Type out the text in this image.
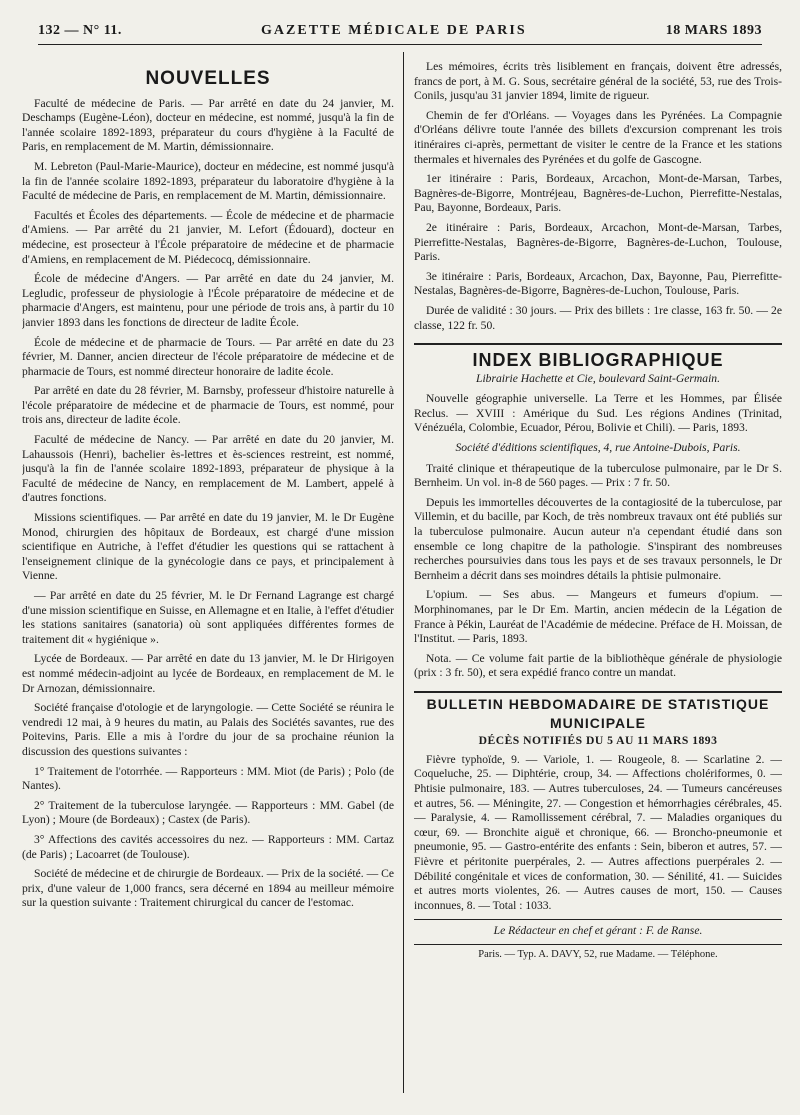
132 — N° 11.	GAZETTE MÉDICALE DE PARIS	18 MARS 1893
NOUVELLES

Faculté de médecine de Paris. — Par arrêté en date du 24 janvier, M. Deschamps (Eugène-Léon), docteur en médecine, est nommé, jusqu'à la fin de l'année scolaire 1892-1893, préparateur du cours d'hygiène à la Faculté de Paris, en remplacement de M. Martin, démissionnaire.

M. Lebreton (Paul-Marie-Maurice), docteur en médecine, est nommé jusqu'à la fin de l'année scolaire 1892-1893, préparateur du laboratoire d'hygiène à la Faculté de médecine de Paris, en remplacement de M. Martin, démissionnaire.

Facultés et Écoles des départements. — École de médecine et de pharmacie d'Amiens. — Par arrêté du 21 janvier, M. Lefort (Édouard), docteur en médecine, est prosecteur à l'École préparatoire de médecine et de pharmacie d'Amiens, en remplacement de M. Piédecocq, démissionnaire.

École de médecine d'Angers. — Par arrêté en date du 24 janvier, M. Legludic, professeur de physiologie à l'École préparatoire de médecine et de pharmacie d'Angers, est maintenu, pour une période de trois ans, à partir du 10 janvier 1893 dans les fonctions de directeur de ladite École.

École de médecine et de pharmacie de Tours. — Par arrêté en date du 23 février, M. Danner, ancien directeur de l'école préparatoire de médecine et de pharmacie de Tours, est nommé directeur honoraire de ladite école.

Par arrêté en date du 28 février, M. Barnsby, professeur d'histoire naturelle à l'école préparatoire de médecine et de pharmacie de Tours, est nommé, pour trois ans, directeur de ladite école.

Faculté de médecine de Nancy. — Par arrêté en date du 20 janvier, M. Lahaussois (Henri), bachelier ès-lettres et ès-sciences restreint, est nommé, jusqu'à la fin de l'année scolaire 1892-1893, préparateur de physique à la Faculté de médecine de Nancy, en remplacement de M. Lambert, appelé à d'autres fonctions.

Missions scientifiques. — Par arrêté en date du 19 janvier, M. le Dr Eugène Monod, chirurgien des hôpitaux de Bordeaux, est chargé d'une mission scientifique en Autriche, à l'effet d'étudier les questions qui se rattachent à l'enseignement clinique de la gynécologie dans ce pays, et principalement à Vienne.

— Par arrêté en date du 25 février, M. le Dr Fernand Lagrange est chargé d'une mission scientifique en Suisse, en Allemagne et en Italie, à l'effet d'étudier les stations sanitaires (sanatoria) où sont appliquées différentes formes de traitement dit « hygiénique ».

Lycée de Bordeaux. — Par arrêté en date du 13 janvier, M. le Dr Hirigoyen est nommé médecin-adjoint au lycée de Bordeaux, en remplacement de M. le Dr Arnozan, démissionnaire.

Société française d'otologie et de laryngologie. — Cette Société se réunira le vendredi 12 mai, à 9 heures du matin, au Palais des Sociétés savantes, rue des Poitevins, Paris. Elle a mis à l'ordre du jour de sa prochaine réunion la discussion des questions suivantes :

1° Traitement de l'otorrhée. — Rapporteurs : MM. Miot (de Paris) ; Polo (de Nantes).

2° Traitement de la tuberculose laryngée. — Rapporteurs : MM. Gabel (de Lyon) ; Moure (de Bordeaux) ; Castex (de Paris).

3° Affections des cavités accessoires du nez. — Rapporteurs : MM. Cartaz (de Paris) ; Lacoarret (de Toulouse).

Société de médecine et de chirurgie de Bordeaux. — Prix de la société. — Ce prix, d'une valeur de 1,000 francs, sera décerné en 1894 au meilleur mémoire sur la question suivante : Traitement chirurgical du cancer de l'estomac.

Les mémoires, écrits très lisiblement en français, doivent être adressés, francs de port, à M. G. Sous, secrétaire général de la société, 53, rue des Trois-Conils, jusqu'au 31 janvier 1894, limite de rigueur.

Chemin de fer d'Orléans. — Voyages dans les Pyrénées. La Compagnie d'Orléans délivre toute l'année des billets d'excursion comprenant les trois itinéraires ci-après, permettant de visiter le centre de la France et les stations thermales et hivernales des Pyrénées et du golfe de Gascogne.

1er itinéraire : Paris, Bordeaux, Arcachon, Mont-de-Marsan, Tarbes, Bagnères-de-Bigorre, Montréjeau, Bagnères-de-Luchon, Pierrefitte-Nestalas, Pau, Bayonne, Bordeaux, Paris.

2e itinéraire : Paris, Bordeaux, Arcachon, Mont-de-Marsan, Tarbes, Pierrefitte-Nestalas, Bagnères-de-Bigorre, Bagnères-de-Luchon, Toulouse, Paris.

3e itinéraire : Paris, Bordeaux, Arcachon, Dax, Bayonne, Pau, Pierrefitte-Nestalas, Bagnères-de-Bigorre, Bagnères-de-Luchon, Toulouse, Paris.

Durée de validité : 30 jours. — Prix des billets : 1re classe, 163 fr. 50. — 2e classe, 122 fr. 50.

INDEX BIBLIOGRAPHIQUE

Librairie Hachette et Cie, boulevard Saint-Germain.

Nouvelle géographie universelle. La Terre et les Hommes, par Élisée Reclus. — XVIII : Amérique du Sud. Les régions Andines (Trinitad, Vénézuéla, Colombie, Ecuador, Pérou, Bolivie et Chili). — Paris, 1893.

Société d'éditions scientifiques, 4, rue Antoine-Dubois, Paris.

Traité clinique et thérapeutique de la tuberculose pulmonaire, par le Dr S. Bernheim. Un vol. in-8 de 560 pages. — Prix : 7 fr. 50.

Depuis les immortelles découvertes de la contagiosité de la tuberculose, par Villemin, et du bacille, par Koch, de très nombreux travaux ont été publiés sur la tuberculose pulmonaire. Aucun auteur n'a cependant étudié dans son ensemble ce long chapitre de la pathologie. S'inspirant des nombreuses recherches poursuivies dans tous les pays et de ses travaux personnels, le Dr Bernheim a décrit dans ses moindres détails la phtisie pulmonaire.

L'opium. — Ses abus. — Mangeurs et fumeurs d'opium. — Morphinomanes, par le Dr Em. Martin, ancien médecin de la Légation de France à Pékin, Lauréat de l'Académie de médecine. Préface de H. Moissan, de l'Institut. — Paris, 1893.

Nota. — Ce volume fait partie de la bibliothèque générale de physiologie (prix : 3 fr. 50), et sera expédié franco contre un mandat.

BULLETIN HEBDOMADAIRE DE STATISTIQUE
MUNICIPALE

DÉCÈS NOTIFIÉS DU 5 AU 11 MARS 1893

Fièvre typhoïde, 9. — Variole, 1. — Rougeole, 8. — Scarlatine 2. — Coqueluche, 25. — Diphtérie, croup, 34. — Affections cholériformes, 0. — Phtisie pulmonaire, 183. — Autres tuberculoses, 24. — Tumeurs cancéreuses et autres, 56. — Méningite, 27. — Congestion et hémorrhagies cérébrales, 45. — Paralysie, 4. — Ramollissement cérébral, 7. — Maladies organiques du cœur, 69. — Bronchite aiguë et chronique, 66. — Broncho-pneumonie et pneumonie, 95. — Gastro-entérite des enfants : Sein, biberon et autres, 57. — Fièvre et péritonite puerpérales, 2. — Autres affections puerpérales 2. — Débilité congénitale et vices de conformation, 30. — Sénilité, 41. — Suicides et autres morts violentes, 26. — Autres causes de mort, 150. — Causes inconnues, 8. — Total : 1033.

Le Rédacteur en chef et gérant : F. de Ranse.

Paris. — Typ. A. DAVY, 52, rue Madame. — Téléphone.
